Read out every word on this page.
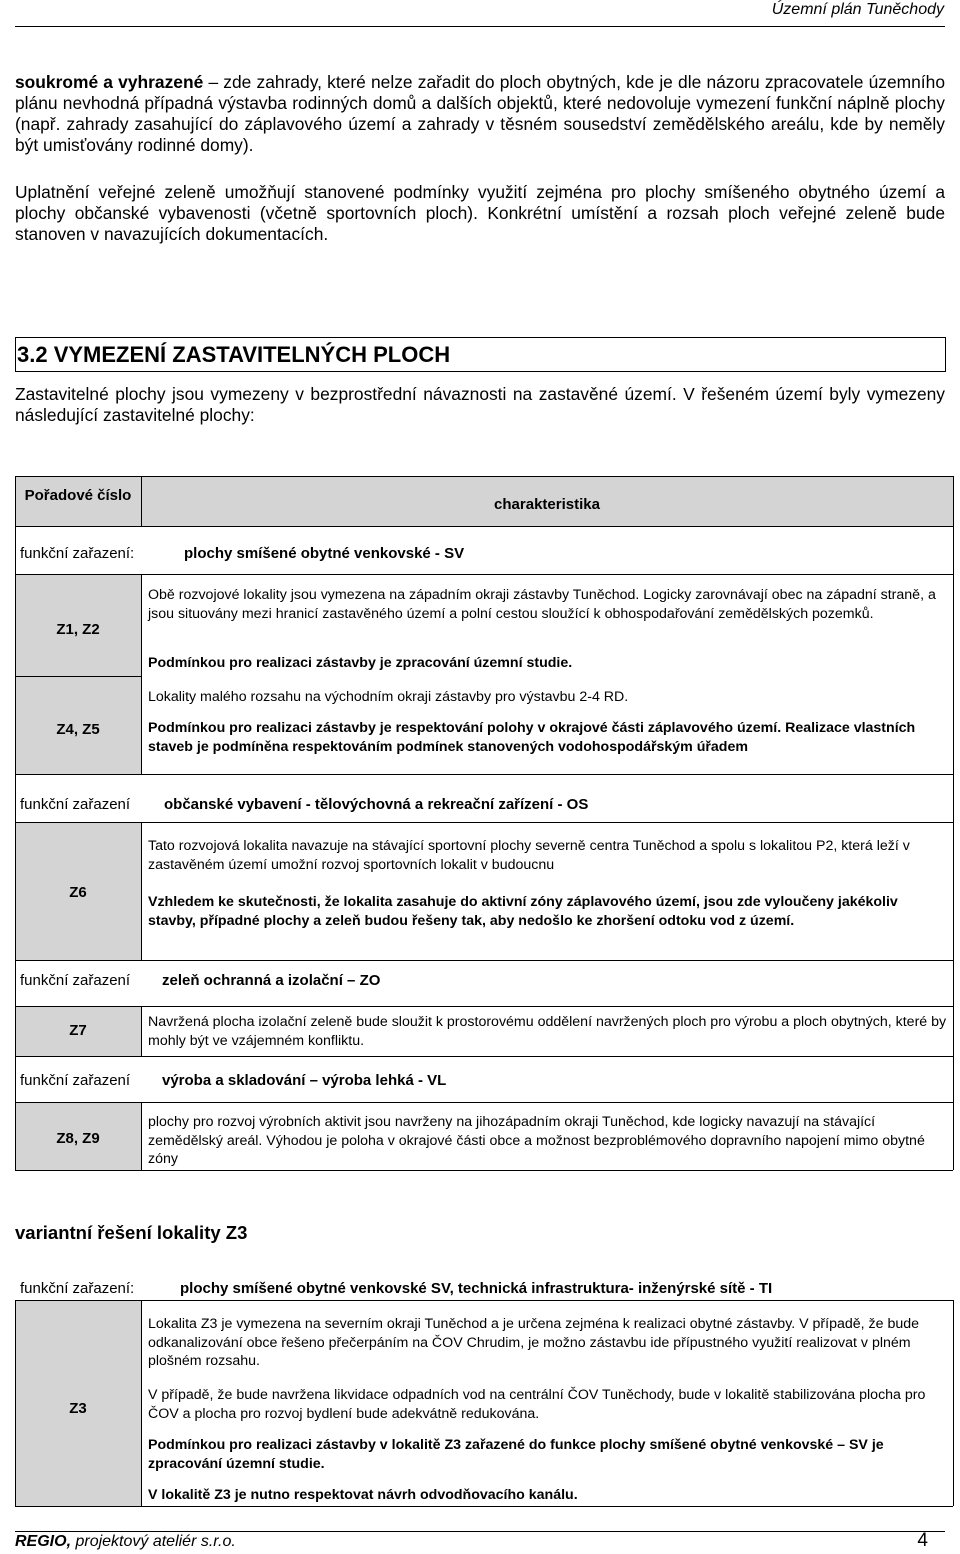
Územní plán Tuněchody

soukromé a vyhrazené – zde zahrady, které nelze zařadit do ploch obytných, kde je dle názoru zpracovatele územního plánu nevhodná případná výstavba rodinných domů a dalších objektů, které nedovoluje vymezení funkční náplně plochy (např. zahrady zasahující do záplavového území a zahrady v těsném sousedství zemědělského areálu, kde by neměly být umisťovány rodinné domy).

Uplatnění veřejné zeleně umožňují stanovené podmínky využití zejména pro plochy smíšeného obytného území a plochy občanské vybavenosti (včetně sportovních ploch). Konkrétní umístění a rozsah ploch veřejné zeleně bude stanoven v navazujících dokumentacích.

3.2 VYMEZENÍ ZASTAVITELNÝCH PLOCH

Zastavitelné plochy jsou vymezeny v bezprostřední návaznosti na zastavěné území. V řešeném území byly vymezeny následující zastavitelné plochy:

Pořadové číslo
charakteristika
funkční zařazení:	plochy smíšené obytné venkovské - SV
Z1, Z2

Obě rozvojové lokality jsou vymezena na západním okraji zástavby Tuněchod. Logicky zarovnávají obec na západní straně, a jsou situovány mezi hranicí zastavěného území a polní cestou sloužící k obhospodařování zemědělských pozemků.

Podmínkou pro realizaci zástavby je zpracování územní studie.

Z4, Z5

Lokality malého rozsahu na východním okraji zástavby pro výstavbu 2-4 RD.

Podmínkou pro realizaci zástavby je respektování polohy v okrajové části záplavového území. Realizace vlastních staveb je podmíněna respektováním podmínek stanovených vodohospodářským úřadem

funkční zařazení občanské vybavení - tělovýchovná a rekreační zařízení - OS
Z6

Tato rozvojová lokalita navazuje na stávající sportovní plochy severně centra Tuněchod a spolu s lokalitou P2, která leží v zastavěném území umožní rozvoj sportovních lokalit v budoucnu

Vzhledem ke skutečnosti, že lokalita zasahuje do aktivní zóny záplavového území, jsou zde vyloučeny jakékoliv stavby, případné plochy a zeleň budou řešeny tak, aby nedošlo ke zhoršení odtoku vod z území.

funkční zařazení zeleň ochranná a izolační – ZO
Z7	Navržená plocha izolační zeleně bude sloužit k prostorovému oddělení navržených ploch pro výrobu a ploch obytných, které by mohly být ve vzájemném konfliktu.

funkční zařazení výroba a skladování – výroba lehká - VL
Z8, Z9

plochy pro rozvoj výrobních aktivit jsou navrženy na jihozápadním okraji Tuněchod, kde logicky navazují na stávající zemědělský areál. Výhodou je poloha v okrajové části obce a možnost bezproblémového dopravního napojení mimo obytné zóny

variantní řešení lokality Z3
funkční zařazení:	plochy smíšené obytné venkovské SV, technická infrastruktura- inženýrské sítě - TI
Z3

Lokalita Z3 je vymezena na severním okraji Tuněchod a je určena zejména k realizaci obytné zástavby. V případě, že bude odkanalizování obce řešeno přečerpáním na ČOV Chrudim, je možno zástavbu ide přípustného využití realizovat v plném plošném rozsahu.

V případě, že bude navržena likvidace odpadních vod na centrální ČOV Tuněchody, bude v lokalitě stabilizována plocha pro ČOV a plocha pro rozvoj bydlení bude adekvátně redukována.

Podmínkou pro realizaci zástavby v lokalitě Z3 zařazené do funkce plochy smíšené obytné venkovské – SV je zpracování územní studie.

V lokalitě Z3 je nutno respektovat návrh odvodňovacího kanálu.

REGIO, projektový ateliér s.r.o.	4
